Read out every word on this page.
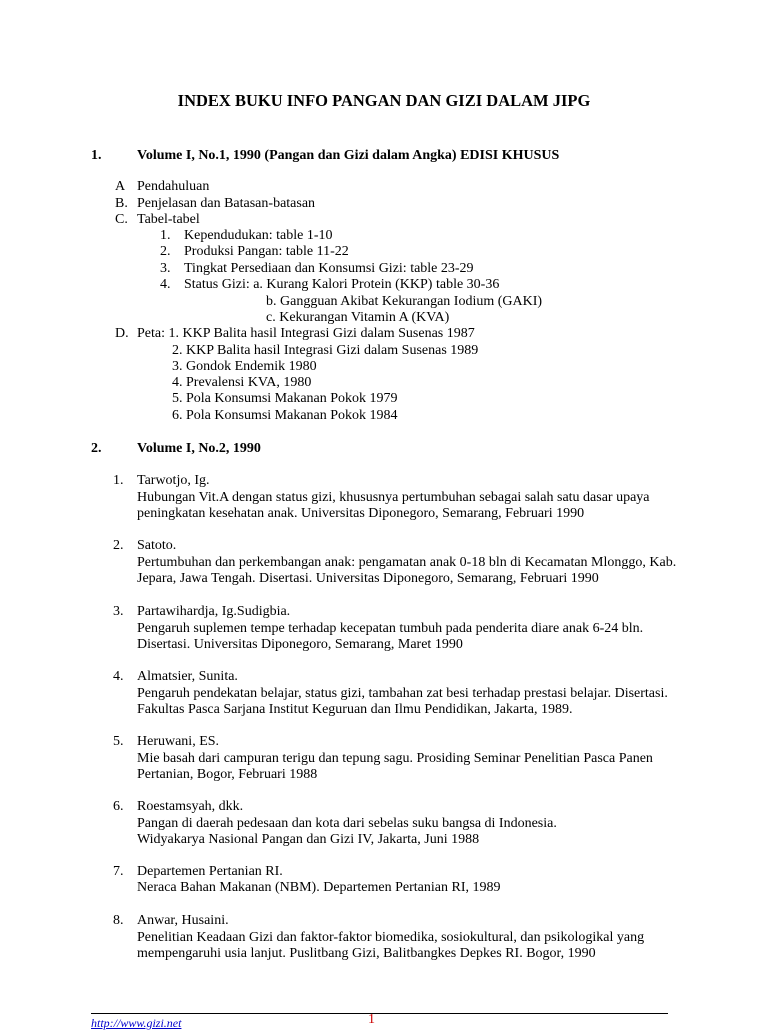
INDEX BUKU INFO PANGAN DAN GIZI DALAM JIPG
1.	Volume I, No.1, 1990 (Pangan dan Gizi dalam Angka) EDISI KHUSUS
A Pendahuluan
B. Penjelasan dan Batasan-batasan
C. Tabel-tabel
1. Kependudukan: table 1-10
2. Produksi Pangan: table 11-22
3. Tingkat Persediaan dan Konsumsi Gizi: table 23-29
4. Status Gizi: a. Kurang Kalori Protein (KKP) table 30-36
b. Gangguan Akibat Kekurangan Iodium (GAKI)
c. Kekurangan Vitamin A (KVA)
D. Peta: 1. KKP Balita hasil Integrasi Gizi dalam Susenas 1987
2. KKP Balita hasil Integrasi Gizi dalam Susenas 1989
3. Gondok Endemik 1980
4. Prevalensi KVA, 1980
5. Pola Konsumsi Makanan Pokok 1979
6. Pola Konsumsi Makanan Pokok 1984
2.	Volume I, No.2, 1990
1. Tarwotjo, Ig.
Hubungan Vit.A dengan status gizi, khususnya pertumbuhan sebagai salah satu dasar upaya
peningkatan kesehatan anak. Universitas Diponegoro, Semarang, Februari 1990
2. Satoto.
Pertumbuhan dan perkembangan anak: pengamatan anak 0-18 bln di Kecamatan Mlonggo, Kab.
Jepara, Jawa Tengah. Disertasi. Universitas Diponegoro, Semarang, Februari 1990
3. Partawihardja, Ig.Sudigbia.
Pengaruh suplemen tempe terhadap kecepatan tumbuh pada penderita diare anak 6-24 bln.
Disertasi. Universitas Diponegoro, Semarang, Maret 1990
4. Almatsier, Sunita.
Pengaruh pendekatan belajar, status gizi, tambahan zat besi terhadap prestasi belajar. Disertasi.
Fakultas Pasca Sarjana Institut Keguruan dan Ilmu Pendidikan, Jakarta, 1989.
5. Heruwani, ES.
Mie basah dari campuran terigu dan tepung sagu. Prosiding Seminar Penelitian Pasca Panen
Pertanian, Bogor, Februari 1988
6. Roestamsyah, dkk.
Pangan di daerah pedesaan dan kota dari sebelas suku bangsa di Indonesia.
Widyakarya Nasional Pangan dan Gizi IV, Jakarta, Juni 1988
7. Departemen Pertanian RI.
Neraca Bahan Makanan (NBM). Departemen Pertanian RI, 1989
8. Anwar, Husaini.
Penelitian Keadaan Gizi dan faktor-faktor biomedika, sosiokultural, dan psikologikal yang
mempengaruhi usia lanjut. Puslitbang Gizi, Balitbangkes Depkes RI. Bogor, 1990
http://www.gizi.net	1
